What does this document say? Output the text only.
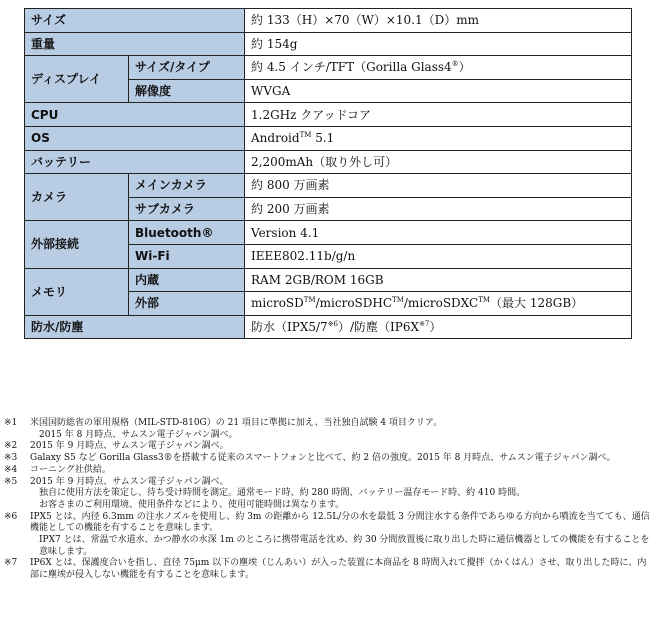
サイズ		約 133（H）×70（W）×10.1（D）mm
重量		約 154g
ディスプレイ	サイズ/タイプ	約 4.5 インチ/TFT（Gorilla Glass4®）
	解像度	WVGA
CPU		1.2GHz クアッドコア
OS		Android™ 5.1
バッテリー		2,200mAh（取り外し可）
カメラ	メインカメラ	約 800 万画素
	サブカメラ	約 200 万画素
外部接続	Bluetooth®	Version 4.1
	Wi-Fi	IEEE802.11b/g/n
メモリ	内蔵	RAM 2GB/ROM 16GB
	外部	microSD™/microSDHC™/microSDXC™（最大 128GB）
防水/防塵		防水（IPX5/7$^{※6}$）/防塵$(IP6X^{※7})$
※1	米国国防総省の軍用規格（MIL-STD-810G）の 21 項目に準拠に加え、当社独自試験 4 項目クリア。

2015 年 8 月時点、サムスン電子ジャパン調べ。

※2	2015 年 9 月時点、サムスン電子ジャパン調べ。

※3	Galaxy S5 など Gorilla Glass3®を搭載する従来のスマートフォンと比べて、約 2 倍の強度。2015 年 8 月時点、サムスン電子ジャパン調べ。

※4	コーニング社供給。

※5	2015 年 9 月時点、サムスン電子ジャパン調べ。

独自に使用方法を策定し、待ち受け時間を測定。通常モード時、約 280 時間、バッテリー温存モード時、約 410 時間。

お客さまのご利用環境、使用条件などにより、使用可能時間は異なります。

※6	IPX5 とは、内径 6.3mm の注水ノズルを使用し、約 3m の距離から 12.5L/分の水を最低 3 分間注水する条件であらゆる方向から噴流を当てても、通信機能としての機能を有することを意味します。

IPX7 とは、常温で水道水、かつ静水の水深 1m のところに携帯電話を沈め、約 30 分間放置後に取り出した時に通信機器としての機能を有することを意味します。

※7	IP6X とは、保護度合いを指し、直径 75μm 以下の塵埃（じんあい）が入った装置に本商品を 8 時間入れて攪拌（かくはん）させ、取り出した時に、内部に塵埃が侵入しない機能を有することを意味します。
